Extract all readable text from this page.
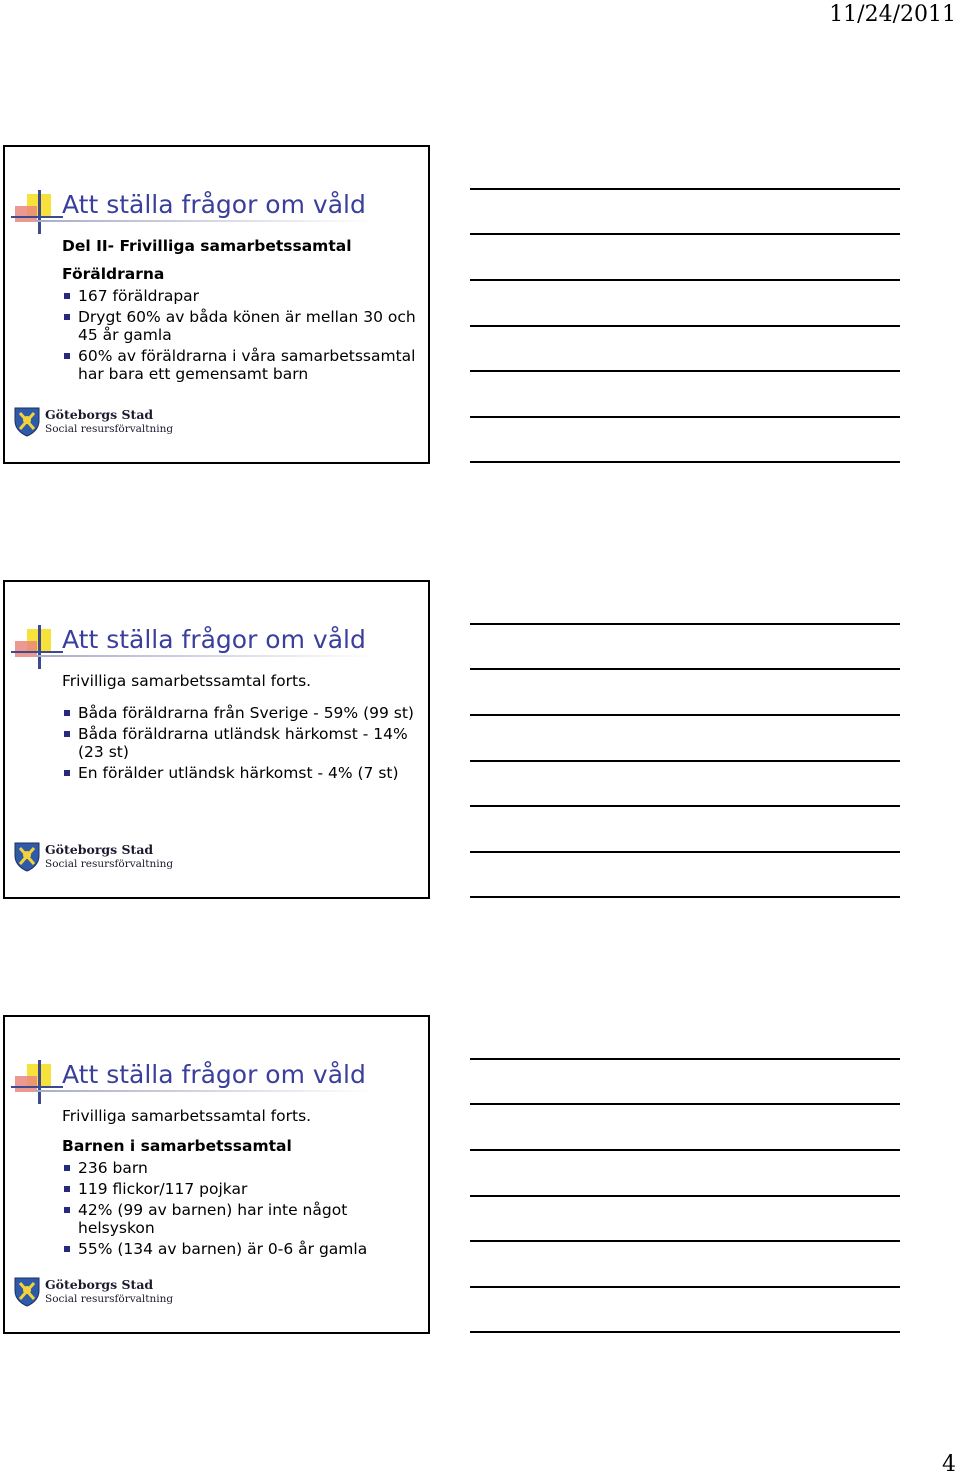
11/24/2011
Att ställa frågor om våld
Del II- Frivilliga samarbetssamtal
Föräldrarna
167 föräldrapar
Drygt 60% av båda könen är mellan 30 och 45 år gamla
60% av föräldrarna i våra samarbetssamtal har bara ett gemensamt barn
Göteborgs Stad
Social resursförvaltning
Att ställa frågor om våld
Frivilliga samarbetssamtal forts.
Båda föräldrarna från Sverige - 59% (99 st)
Båda föräldrarna utländsk härkomst - 14% (23 st)
En förälder utländsk härkomst - 4% (7 st)
Göteborgs Stad
Social resursförvaltning
Att ställa frågor om våld
Frivilliga samarbetssamtal forts.
Barnen i samarbetssamtal
236 barn
119 flickor/117 pojkar
42% (99 av barnen) har inte något helsyskon
55% (134 av barnen) är 0-6 år gamla
Göteborgs Stad
Social resursförvaltning
4
